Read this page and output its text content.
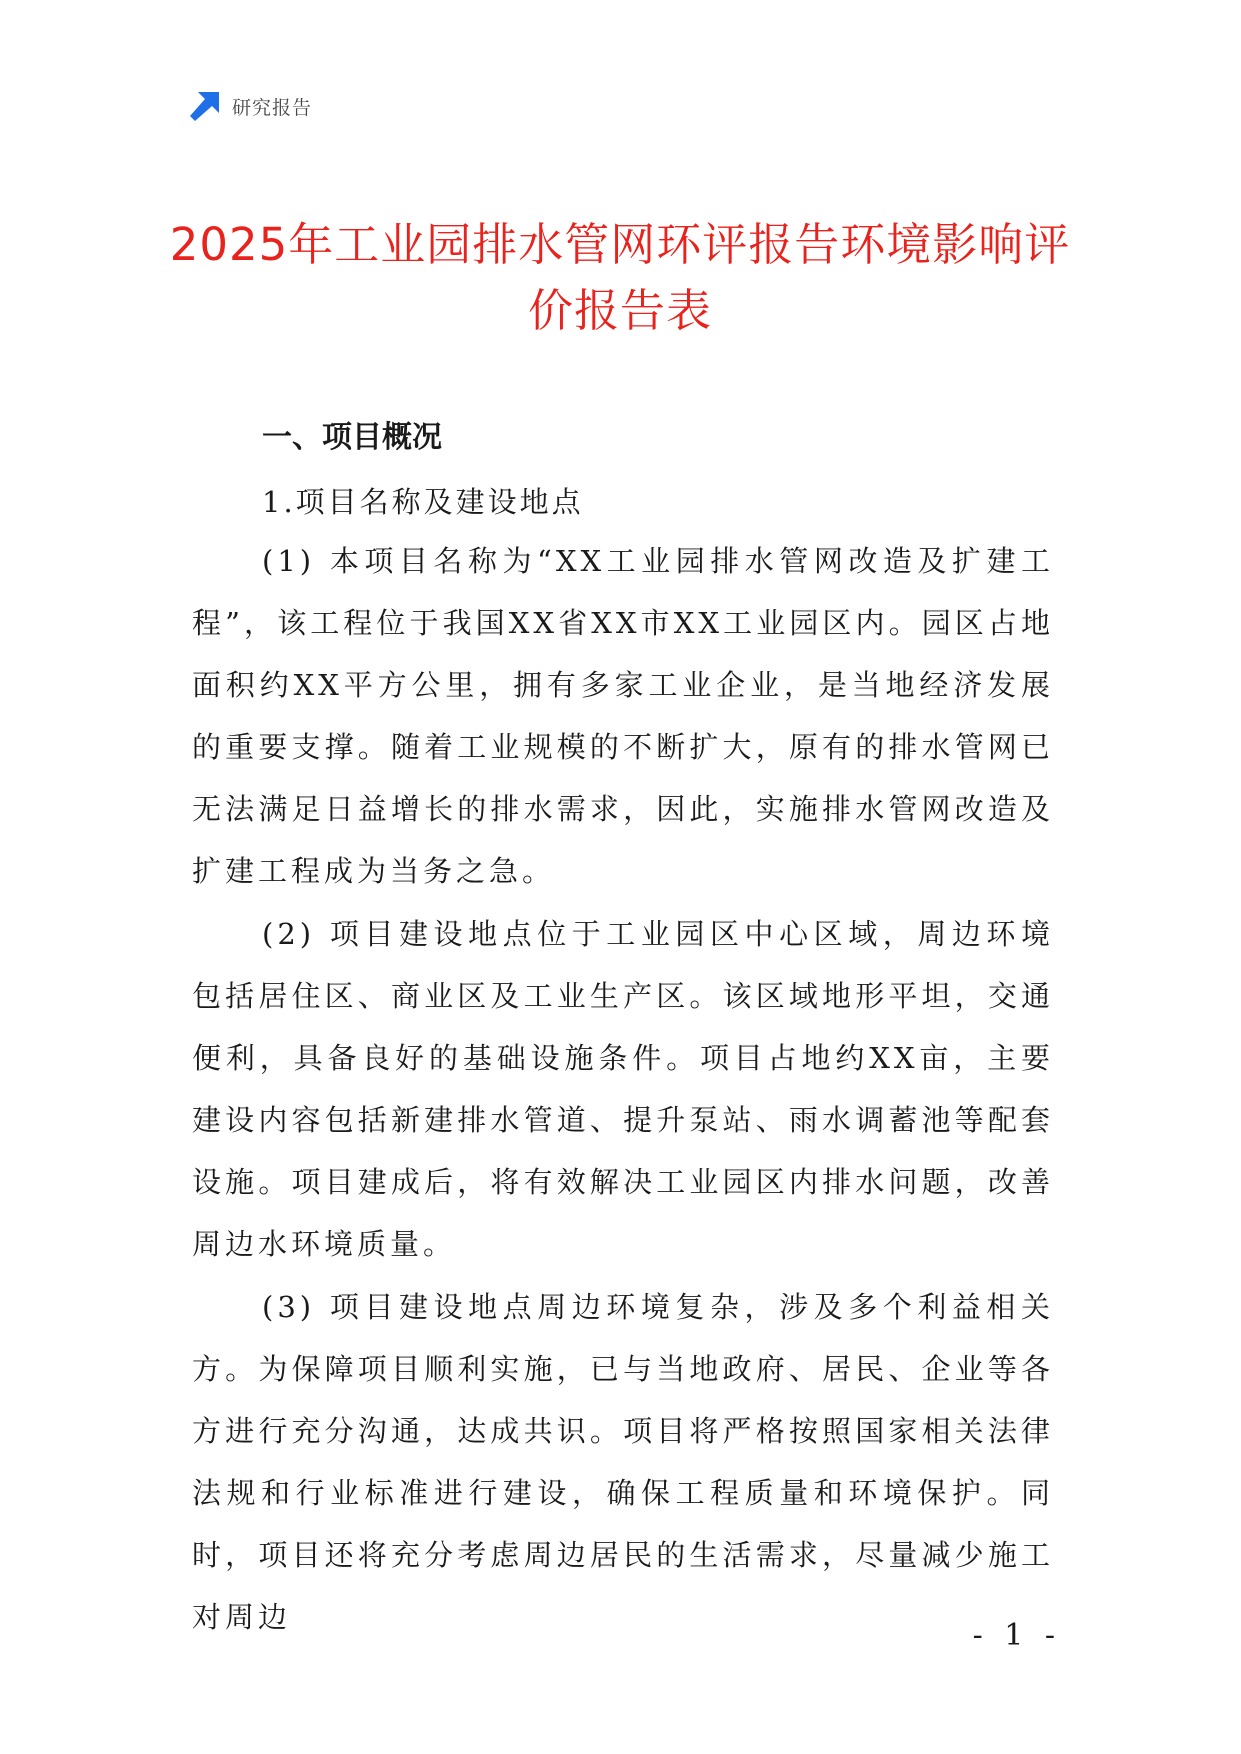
研究报告
2025年工业园排水管网环评报告环境影响评价报告表
一、项目概况
1.项目名称及建设地点

(1) 本项目名称为“XX工业园排水管网改造及扩建工程”，该工程位于我国XX省XX市XX工业园区内。园区占地面积约XX平方公里，拥有多家工业企业，是当地经济发展的重要支撑。随着工业规模的不断扩大，原有的排水管网已无法满足日益增长的排水需求，因此，实施排水管网改造及扩建工程成为当务之急。

(2) 项目建设地点位于工业园区中心区域，周边环境包括居住区、商业区及工业生产区。该区域地形平坦，交通便利，具备良好的基础设施条件。项目占地约XX亩，主要建设内容包括新建排水管道、提升泵站、雨水调蓄池等配套设施。项目建成后，将有效解决工业园区内排水问题，改善周边水环境质量。

(3) 项目建设地点周边环境复杂，涉及多个利益相关方。为保障项目顺利实施，已与当地政府、居民、企业等各方进行充分沟通，达成共识。项目将严格按照国家相关法律法规和行业标准进行建设，确保工程质量和环境保护。同时，项目还将充分考虑周边居民的生活需求，尽量减少施工对周边

- 1 -
